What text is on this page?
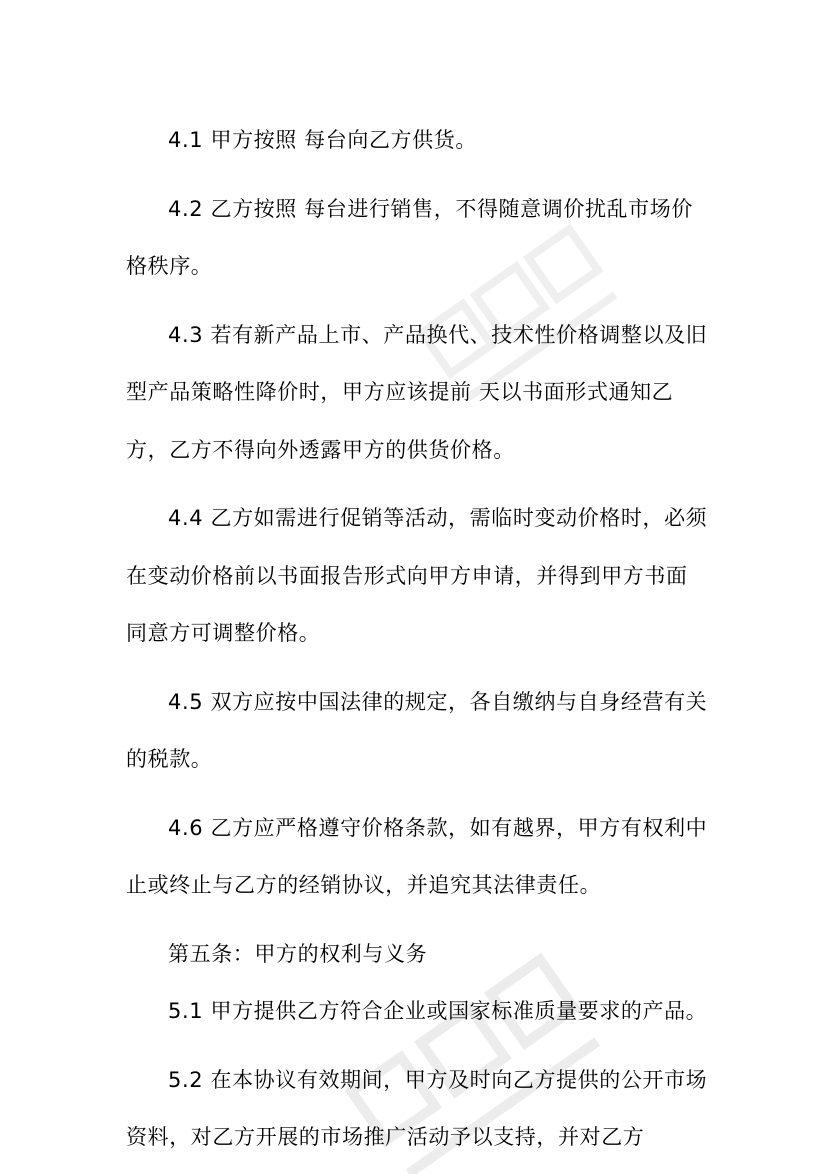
4.1 甲方按照 每台向乙方供货。

4.2 乙方按照 每台进行销售，不得随意调价扰乱市场价格秩序。

4.3 若有新产品上市、产品换代、技术性价格调整以及旧型产品策略性降价时，甲方应该提前 天以书面形式通知乙方，乙方不得向外透露甲方的供货价格。

4.4 乙方如需进行促销等活动，需临时变动价格时，必须在变动价格前以书面报告形式向甲方申请，并得到甲方书面同意方可调整价格。

4.5 双方应按中国法律的规定，各自缴纳与自身经营有关的税款。

4.6 乙方应严格遵守价格条款，如有越界，甲方有权利中止或终止与乙方的经销协议，并追究其法律责任。

第五条：甲方的权利与义务

5.1 甲方提供乙方符合企业或国家标准质量要求的产品。

5.2 在本协议有效期间，甲方及时向乙方提供的公开市场资料，对乙方开展的市场推广活动予以支持，并对乙方
